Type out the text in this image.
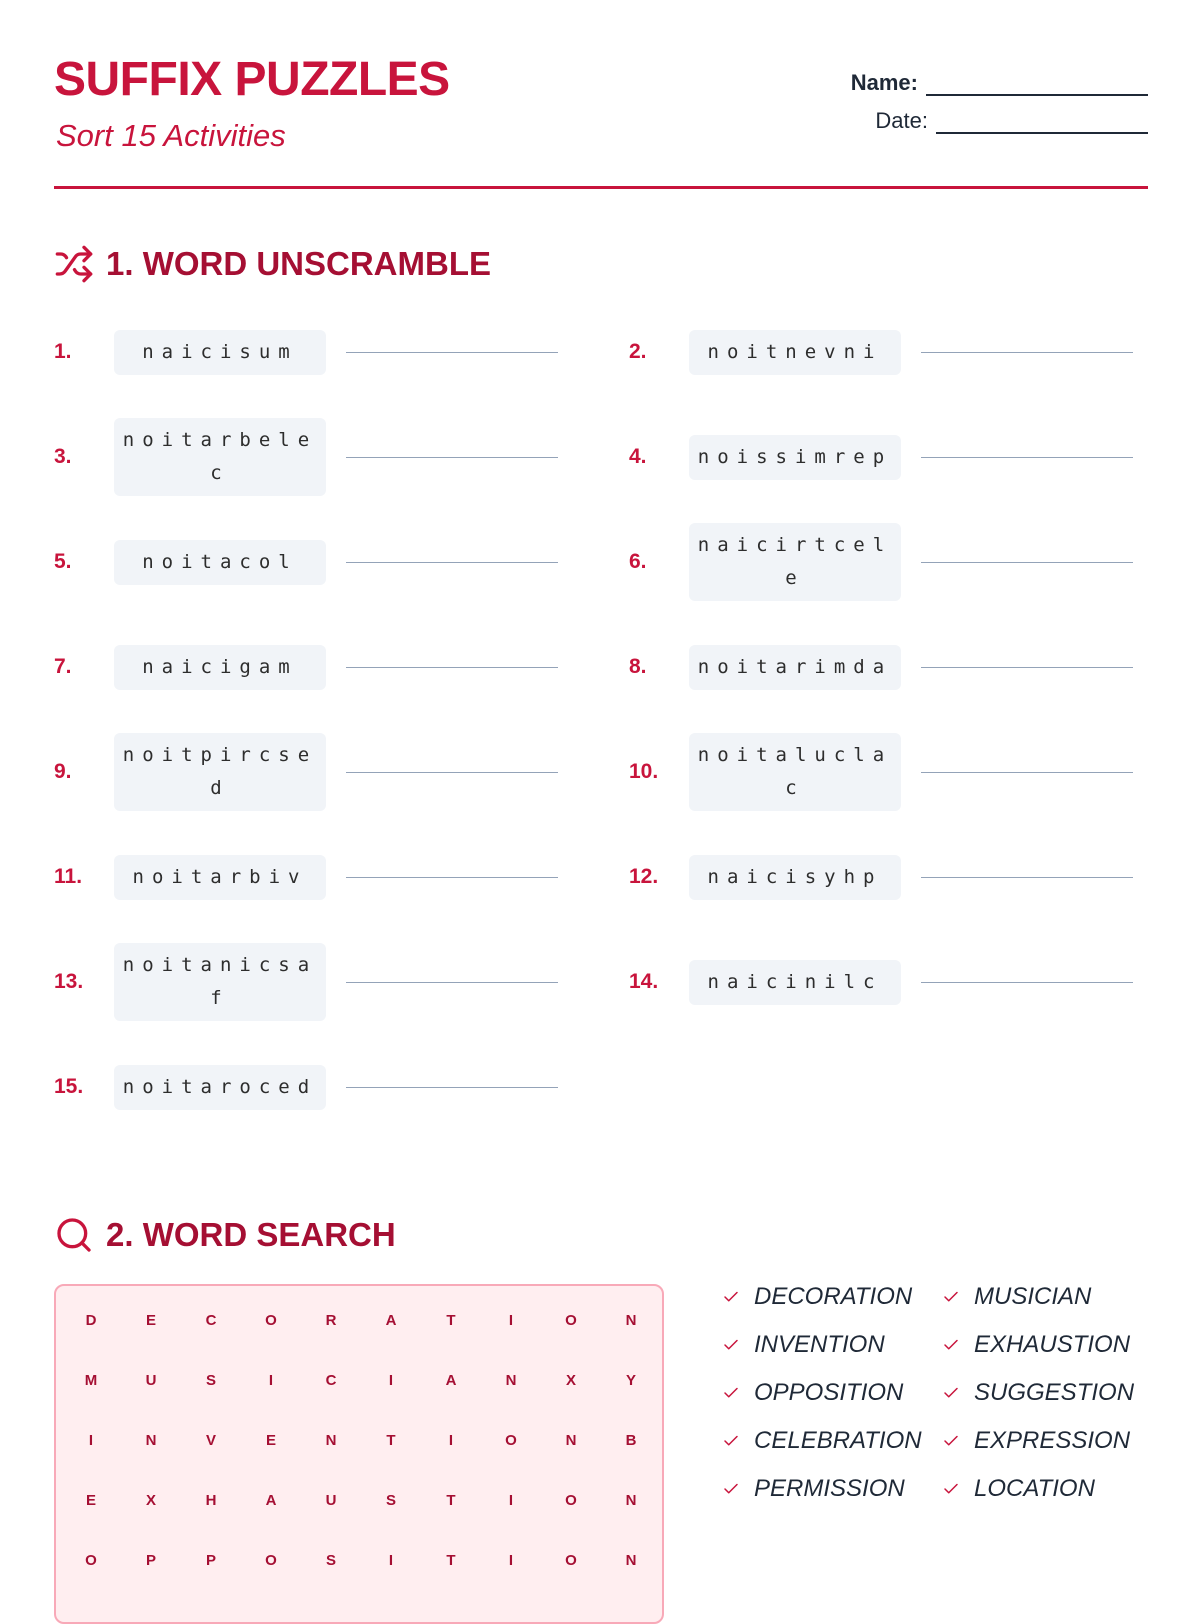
SUFFIX PUZZLES
Sort 15 Activities
Name:
Date:
1. WORD UNSCRAMBLE
1.	naicisum	2.	noitnevni
3.
noitarbelec
4.	noissimrep
5.	noitacol	6.
naicirtcele
7.	naicigam	8.	noitarimda
9.
noitpircsed
10.
noitaluclac
11.	noitarbiv	12.	naicisyhp
13.
noitanicsaf
14.	naicinilc
15.	noitaroced
2. WORD SEARCH
D	E	C	O	R	A	T	I	O	N
M	U	S	I	C	I	A	N	X	Y
I	N	V	E	N	T	I	O	N	B
E	X	H	A	U	S	T	I	O	N
O	P	P	O	S	I	T	I	O	N
DECORATION	MUSICIAN
INVENTION	EXHAUSTION
OPPOSITION	SUGGESTION
CELEBRATION EXPRESSION
PERMISSION	LOCATION
